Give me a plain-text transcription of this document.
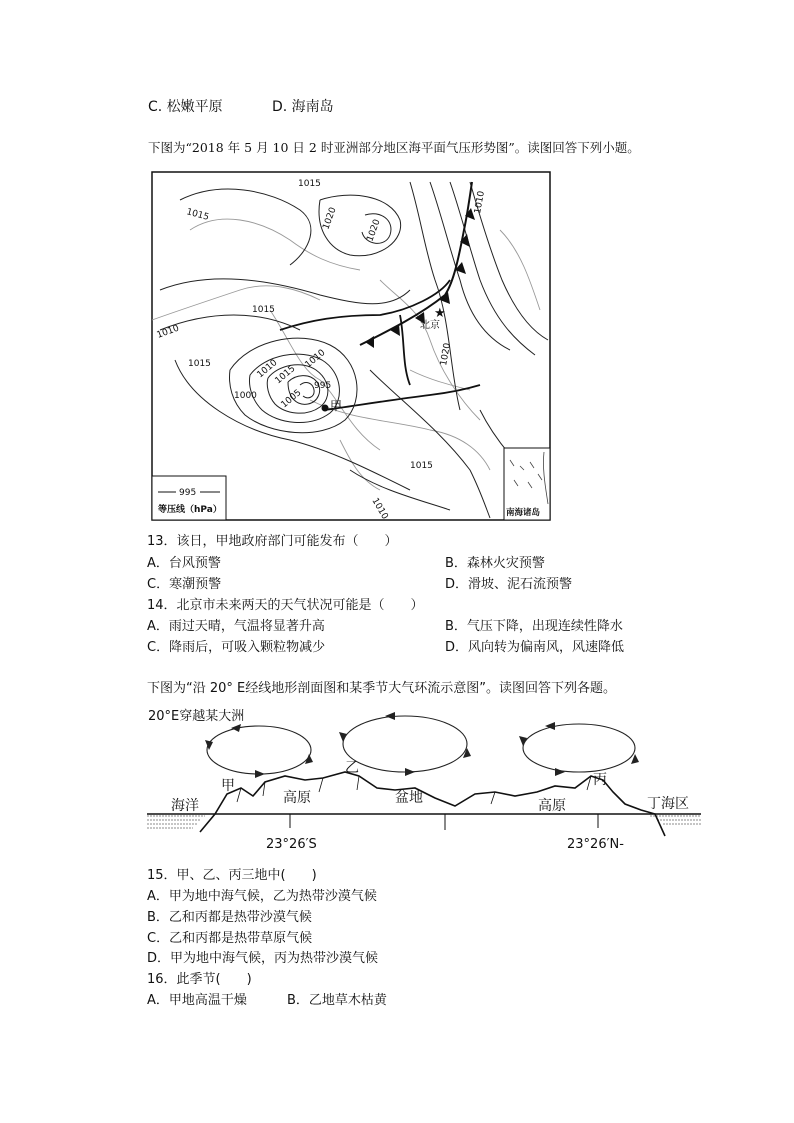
C. 松嫩平原	D. 海南岛
下图为“2018 年 5 月 10 日 2 时亚洲部分地区海平面气压形势图”。读图回答下列小题。
1015
1015	1020	1020
1015
1010
1015	1010
1015
1010
1005
1000
995
1020
1015
1010
1010
甲
★
北京
995
等压线（hPa）	南海诸岛
13．该日，甲地政府部门可能发布（　　）
A．台风预警	B．森林火灾预警
C．寒潮预警	D．滑坡、泥石流预警
14．北京市未来两天的天气状况可能是（　　）
A．雨过天晴，气温将显著升高	B．气压下降，出现连续性降水
C．降雨后，可吸入颗粒物减少	D．风向转为偏南风，风速降低
下图为“沿 20° E经线地形剖面图和某季节大气环流示意图”。读图回答下列各题。
20°E穿越某大洲
甲
乙
丙
海洋	高原	盆地	高原	丁海区
23°26′S	23°26′N-
15．甲、乙、丙三地中(　　)
A．甲为地中海气候，乙为热带沙漠气候
B．乙和丙都是热带沙漠气候
C．乙和丙都是热带草原气候
D．甲为地中海气候，丙为热带沙漠气候
16．此季节(　　)
A．甲地高温干燥	B．乙地草木枯黄
